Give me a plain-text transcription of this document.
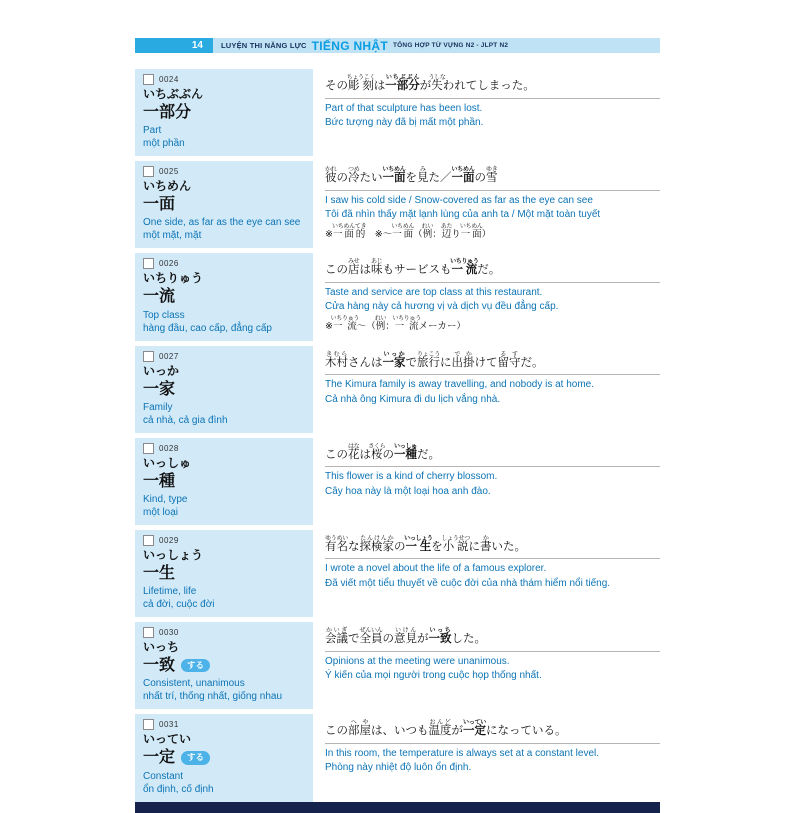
14	LUYỆN THI NĂNG LỰC TIẾNG NHẬT TỔNG HỢP TỪ VỰNG N2 - JLPT N2
0024
いちぶぶん
一部分
Part
một phần
その彫刻ちょうこくは一部分いちぶぶんが失うしなわれてしまった。
Part of that sculpture has been lost.
Bức tượng này đã bị mất một phần.
0025
いちめん
一面
One side, as far as the eye can see
một mặt, mặt
彼かれの冷つめたい一面いちめんを見みた／一面いちめんの雪ゆき
I saw his cold side / Snow-covered as far as the eye can see
Tôi đã nhìn thấy mặt lạnh lùng của anh ta / Một mặt toàn tuyết
※一面的いちめんてき　※〜一面いちめん（例れい：辺あたり一面いちめん）
0026
いちりゅう
一流
Top class
hàng đầu, cao cấp, đẳng cấp
この店みせは味あじもサービスも一流いちりゅうだ。
Taste and service are top class at this restaurant.
Cửa hàng này cả hương vị và dịch vụ đều đẳng cấp.
※一流いちりゅう〜（例れい：一流いちりゅうメーカー）
0027
いっか
一家
Family
cả nhà, cả gia đình
木村きむらさんは一家いっかで旅行りょこうに出掛でかけて留守るすだ。
The Kimura family is away travelling, and nobody is at home.
Cả nhà ông Kimura đi du lịch vắng nhà.
0028
いっしゅ
一種
Kind, type
một loại
この花はなは桜さくらの一種いっしゅだ。
This flower is a kind of cherry blossom.
Cây hoa này là một loại hoa anh đào.
0029
いっしょう
一生
Lifetime, life
cả đời, cuộc đời
有名ゆうめいな探検家たんけんかの一生いっしょうを小説しょうせつに書かいた。
I wrote a novel about the life of a famous explorer.
Đã viết một tiểu thuyết về cuộc đời của nhà thám hiểm nổi tiếng.
0030
いっち
一致	する
Consistent, unanimous
nhất trí, thống nhất, giống nhau
会議かいぎで全員ぜんいんの意見いけんが一致いっちした。
Opinions at the meeting were unanimous.
Ý kiến của mọi người trong cuộc họp thống nhất.
0031
いってい
一定	する
Constant
ổn định, cố định
この部屋へやは、いつも温度おんどが一定いっていになっている。
In this room, the temperature is always set at a constant level.
Phòng này nhiệt độ luôn ổn định.
